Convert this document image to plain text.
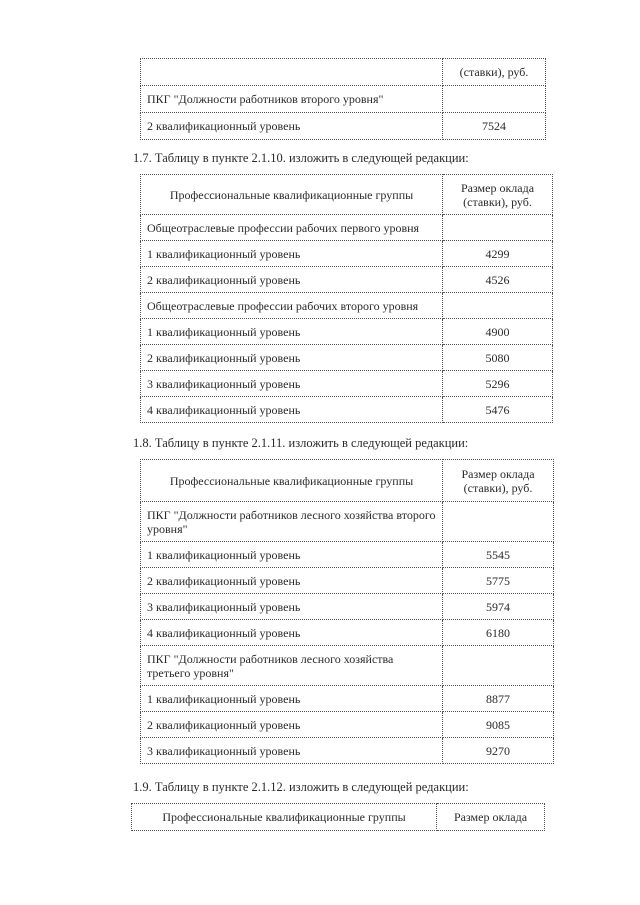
	(ставки), руб.
ПКГ "Должности работников второго уровня"	
2 квалификационный уровень	7524

1.7. Таблицу в пункте 2.1.10. изложить в следующей редакции:

Профессиональные квалификационные группы	Размер оклада (ставки), руб.
Общеотраслевые профессии рабочих первого уровня	
1 квалификационный уровень	4299
2 квалификационный уровень	4526
Общеотраслевые профессии рабочих второго уровня	
1 квалификационный уровень	4900
2 квалификационный уровень	5080
3 квалификационный уровень	5296
4 квалификационный уровень	5476

1.8. Таблицу в пункте 2.1.11. изложить в следующей редакции:

Профессиональные квалификационные группы	Размер оклада (ставки), руб.
ПКГ "Должности работников лесного хозяйства второго уровня"	
1 квалификационный уровень	5545
2 квалификационный уровень	5775
3 квалификационный уровень	5974
4 квалификационный уровень	6180
ПКГ "Должности работников лесного хозяйства третьего уровня"	
1 квалификационный уровень	8877
2 квалификационный уровень	9085
3 квалификационный уровень	9270

1.9. Таблицу в пункте 2.1.12. изложить в следующей редакции:

Профессиональные квалификационные группы	Размер оклада
